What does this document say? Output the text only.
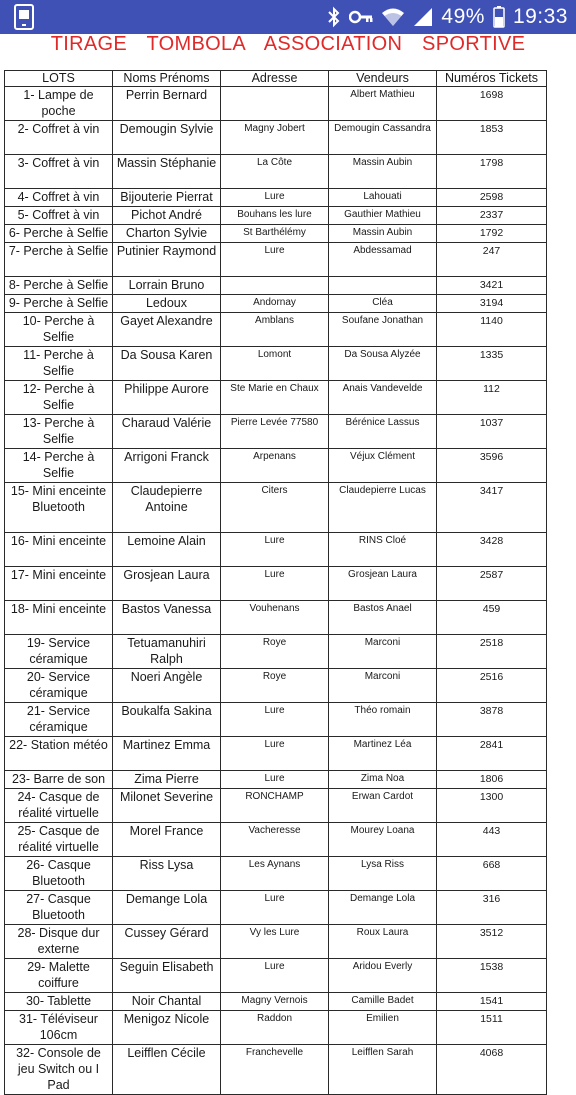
49% 19:33
TIRAGE TOMBOLA ASSOCIATION SPORTIVE
LOTS	Noms Prénoms	Adresse	Vendeurs	Numéros Tickets
1- Lampe de poche	Perrin Bernard		Albert Mathieu	1698
2- Coffret à vin	Demougin Sylvie	Magny Jobert	Demougin Cassandra	1853
3- Coffret à vin	Massin Stéphanie	La Côte	Massin Aubin	1798
4- Coffret à vin	Bijouterie Pierrat	Lure	Lahouati	2598
5- Coffret à vin	Pichot André	Bouhans les lure	Gauthier Mathieu	2337
6- Perche à Selfie	Charton Sylvie	St Barthélémy	Massin Aubin	1792
7- Perche à Selfie	Putinier Raymond	Lure	Abdessamad	247
8- Perche à Selfie	Lorrain Bruno			3421
9- Perche à Selfie	Ledoux	Andornay	Cléa	3194
10- Perche à Selfie	Gayet Alexandre	Amblans	Soufane Jonathan	1140
11- Perche à Selfie	Da Sousa Karen	Lomont	Da Sousa Alyzée	1335
12- Perche à Selfie	Philippe Aurore	Ste Marie en Chaux	Anais Vandevelde	112
13- Perche à Selfie	Charaud Valérie	Pierre Levée 77580	Bérénice Lassus	1037
14- Perche à Selfie	Arrigoni Franck	Arpenans	Véjux Clément	3596
15- Mini enceinte Bluetooth	Claudepierre Antoine	Citers	Claudepierre Lucas	3417
16- Mini enceinte	Lemoine Alain	Lure	RINS Cloé	3428
17- Mini enceinte	Grosjean Laura	Lure	Grosjean Laura	2587
18- Mini enceinte	Bastos Vanessa	Vouhenans	Bastos Anael	459
19- Service céramique	Tetuamanuhiri Ralph	Roye	Marconi	2518
20- Service céramique	Noeri Angèle	Roye	Marconi	2516
21- Service céramique	Boukalfa Sakina	Lure	Théo romain	3878
22- Station météo	Martinez Emma	Lure	Martinez Léa	2841
23- Barre de son	Zima Pierre	Lure	Zima Noa	1806
24- Casque de réalité virtuelle	Milonet Severine	RONCHAMP	Erwan Cardot	1300
25- Casque de réalité virtuelle	Morel France	Vacheresse	Mourey Loana	443
26- Casque Bluetooth	Riss Lysa	Les Aynans	Lysa Riss	668
27- Casque Bluetooth	Demange Lola	Lure	Demange Lola	316
28- Disque dur externe	Cussey Gérard	Vy les Lure	Roux Laura	3512
29- Malette coiffure	Seguin Elisabeth	Lure	Aridou Everly	1538
30- Tablette	Noir Chantal	Magny Vernois	Camille Badet	1541
31- Téléviseur 106cm	Menigoz Nicole	Raddon	Emilien	1511
32- Console de jeu Switch ou I Pad	Leifflen Cécile	Franchevelle	Leifflen Sarah	4068
